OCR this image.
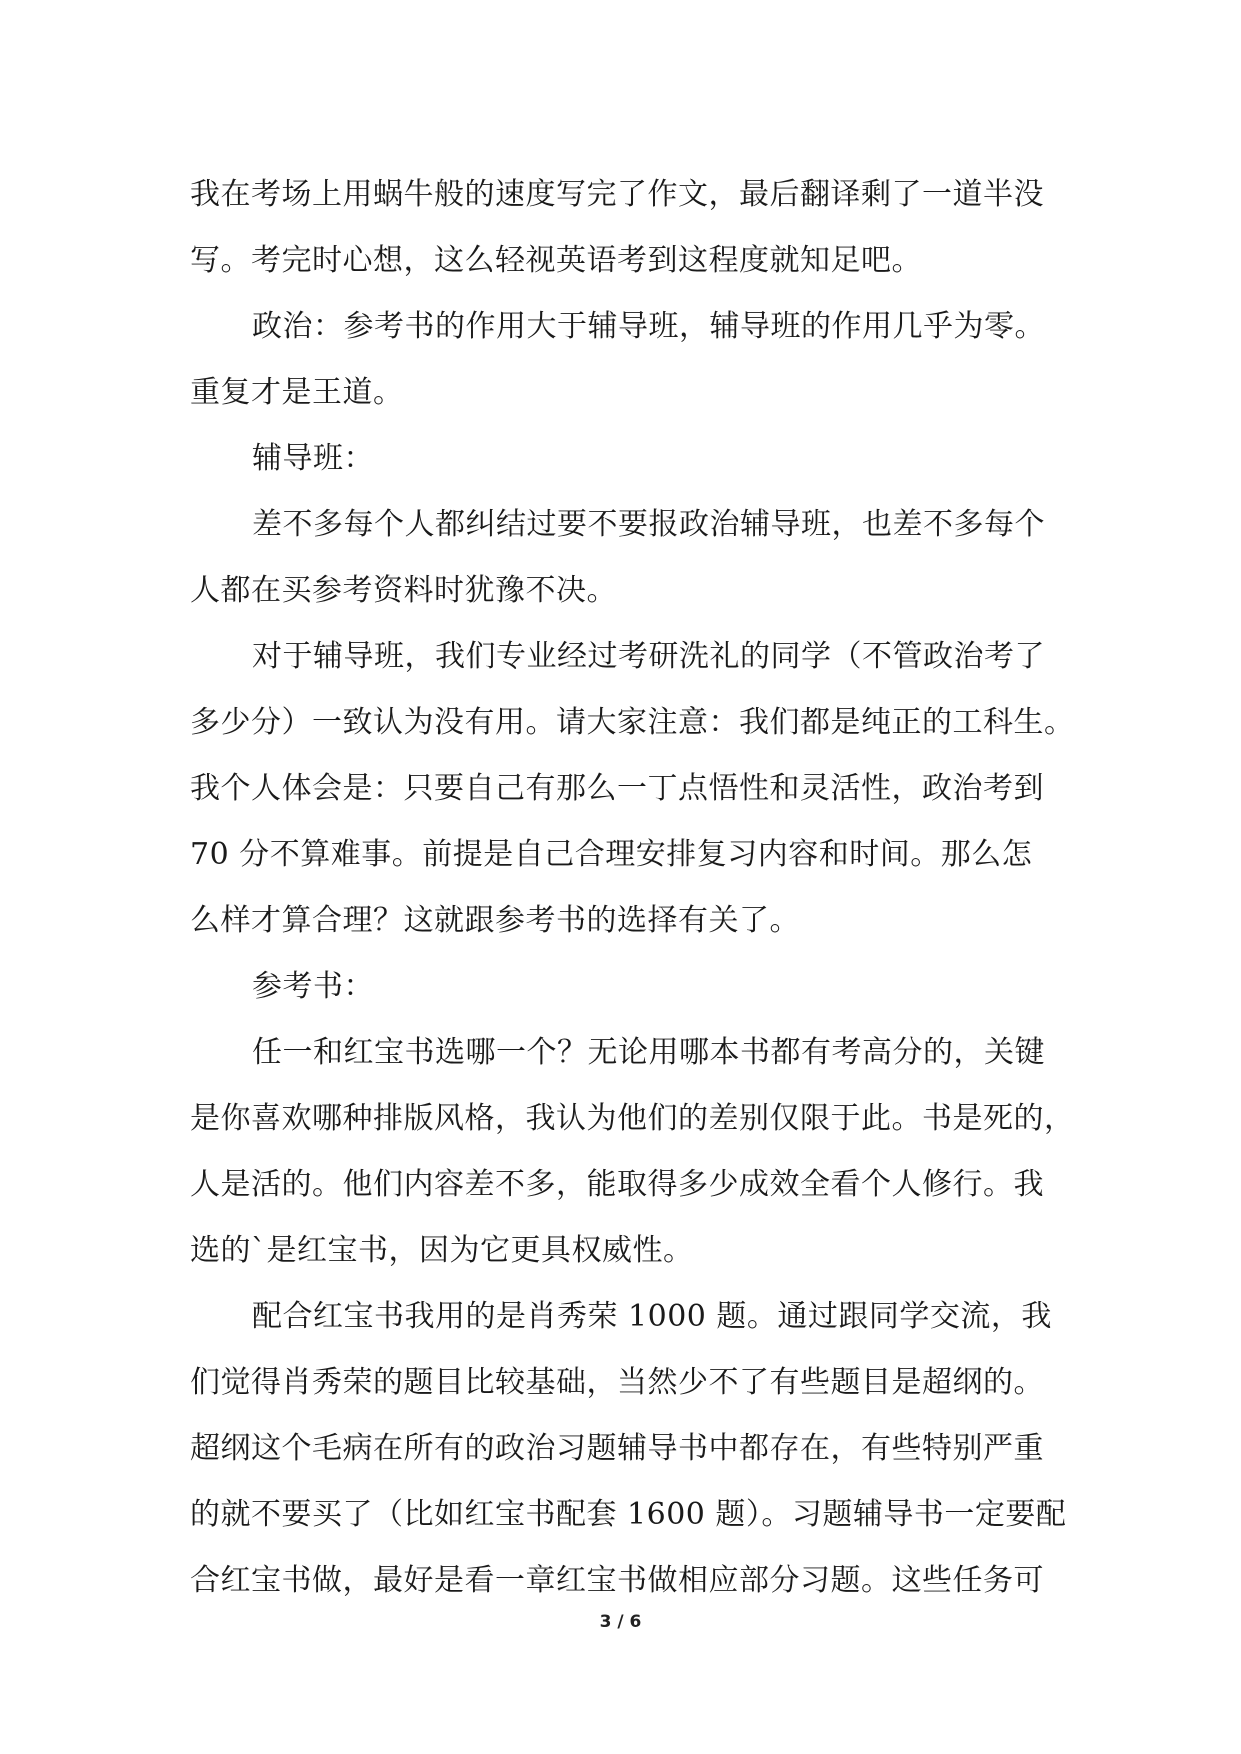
我在考场上用蜗牛般的速度写完了作文，最后翻译剩了一道半没
写。考完时心想，这么轻视英语考到这程度就知足吧。
政治：参考书的作用大于辅导班，辅导班的作用几乎为零。
重复才是王道。
辅导班：
差不多每个人都纠结过要不要报政治辅导班，也差不多每个
人都在买参考资料时犹豫不决。
对于辅导班，我们专业经过考研洗礼的同学（不管政治考了
多少分）一致认为没有用。请大家注意：我们都是纯正的工科生。
我个人体会是：只要自己有那么一丁点悟性和灵活性，政治考到
70 分不算难事。前提是自己合理安排复习内容和时间。那么怎
么样才算合理？这就跟参考书的选择有关了。
参考书：
任一和红宝书选哪一个？无论用哪本书都有考高分的，关键
是你喜欢哪种排版风格，我认为他们的差别仅限于此。书是死的，
人是活的。他们内容差不多，能取得多少成效全看个人修行。我
选的`是红宝书，因为它更具权威性。
配合红宝书我用的是肖秀荣 1000 题。通过跟同学交流，我
们觉得肖秀荣的题目比较基础，当然少不了有些题目是超纲的。
超纲这个毛病在所有的政治习题辅导书中都存在，有些特别严重
的就不要买了（比如红宝书配套 1600 题）。习题辅导书一定要配
合红宝书做，最好是看一章红宝书做相应部分习题。这些任务可
3 / 6
